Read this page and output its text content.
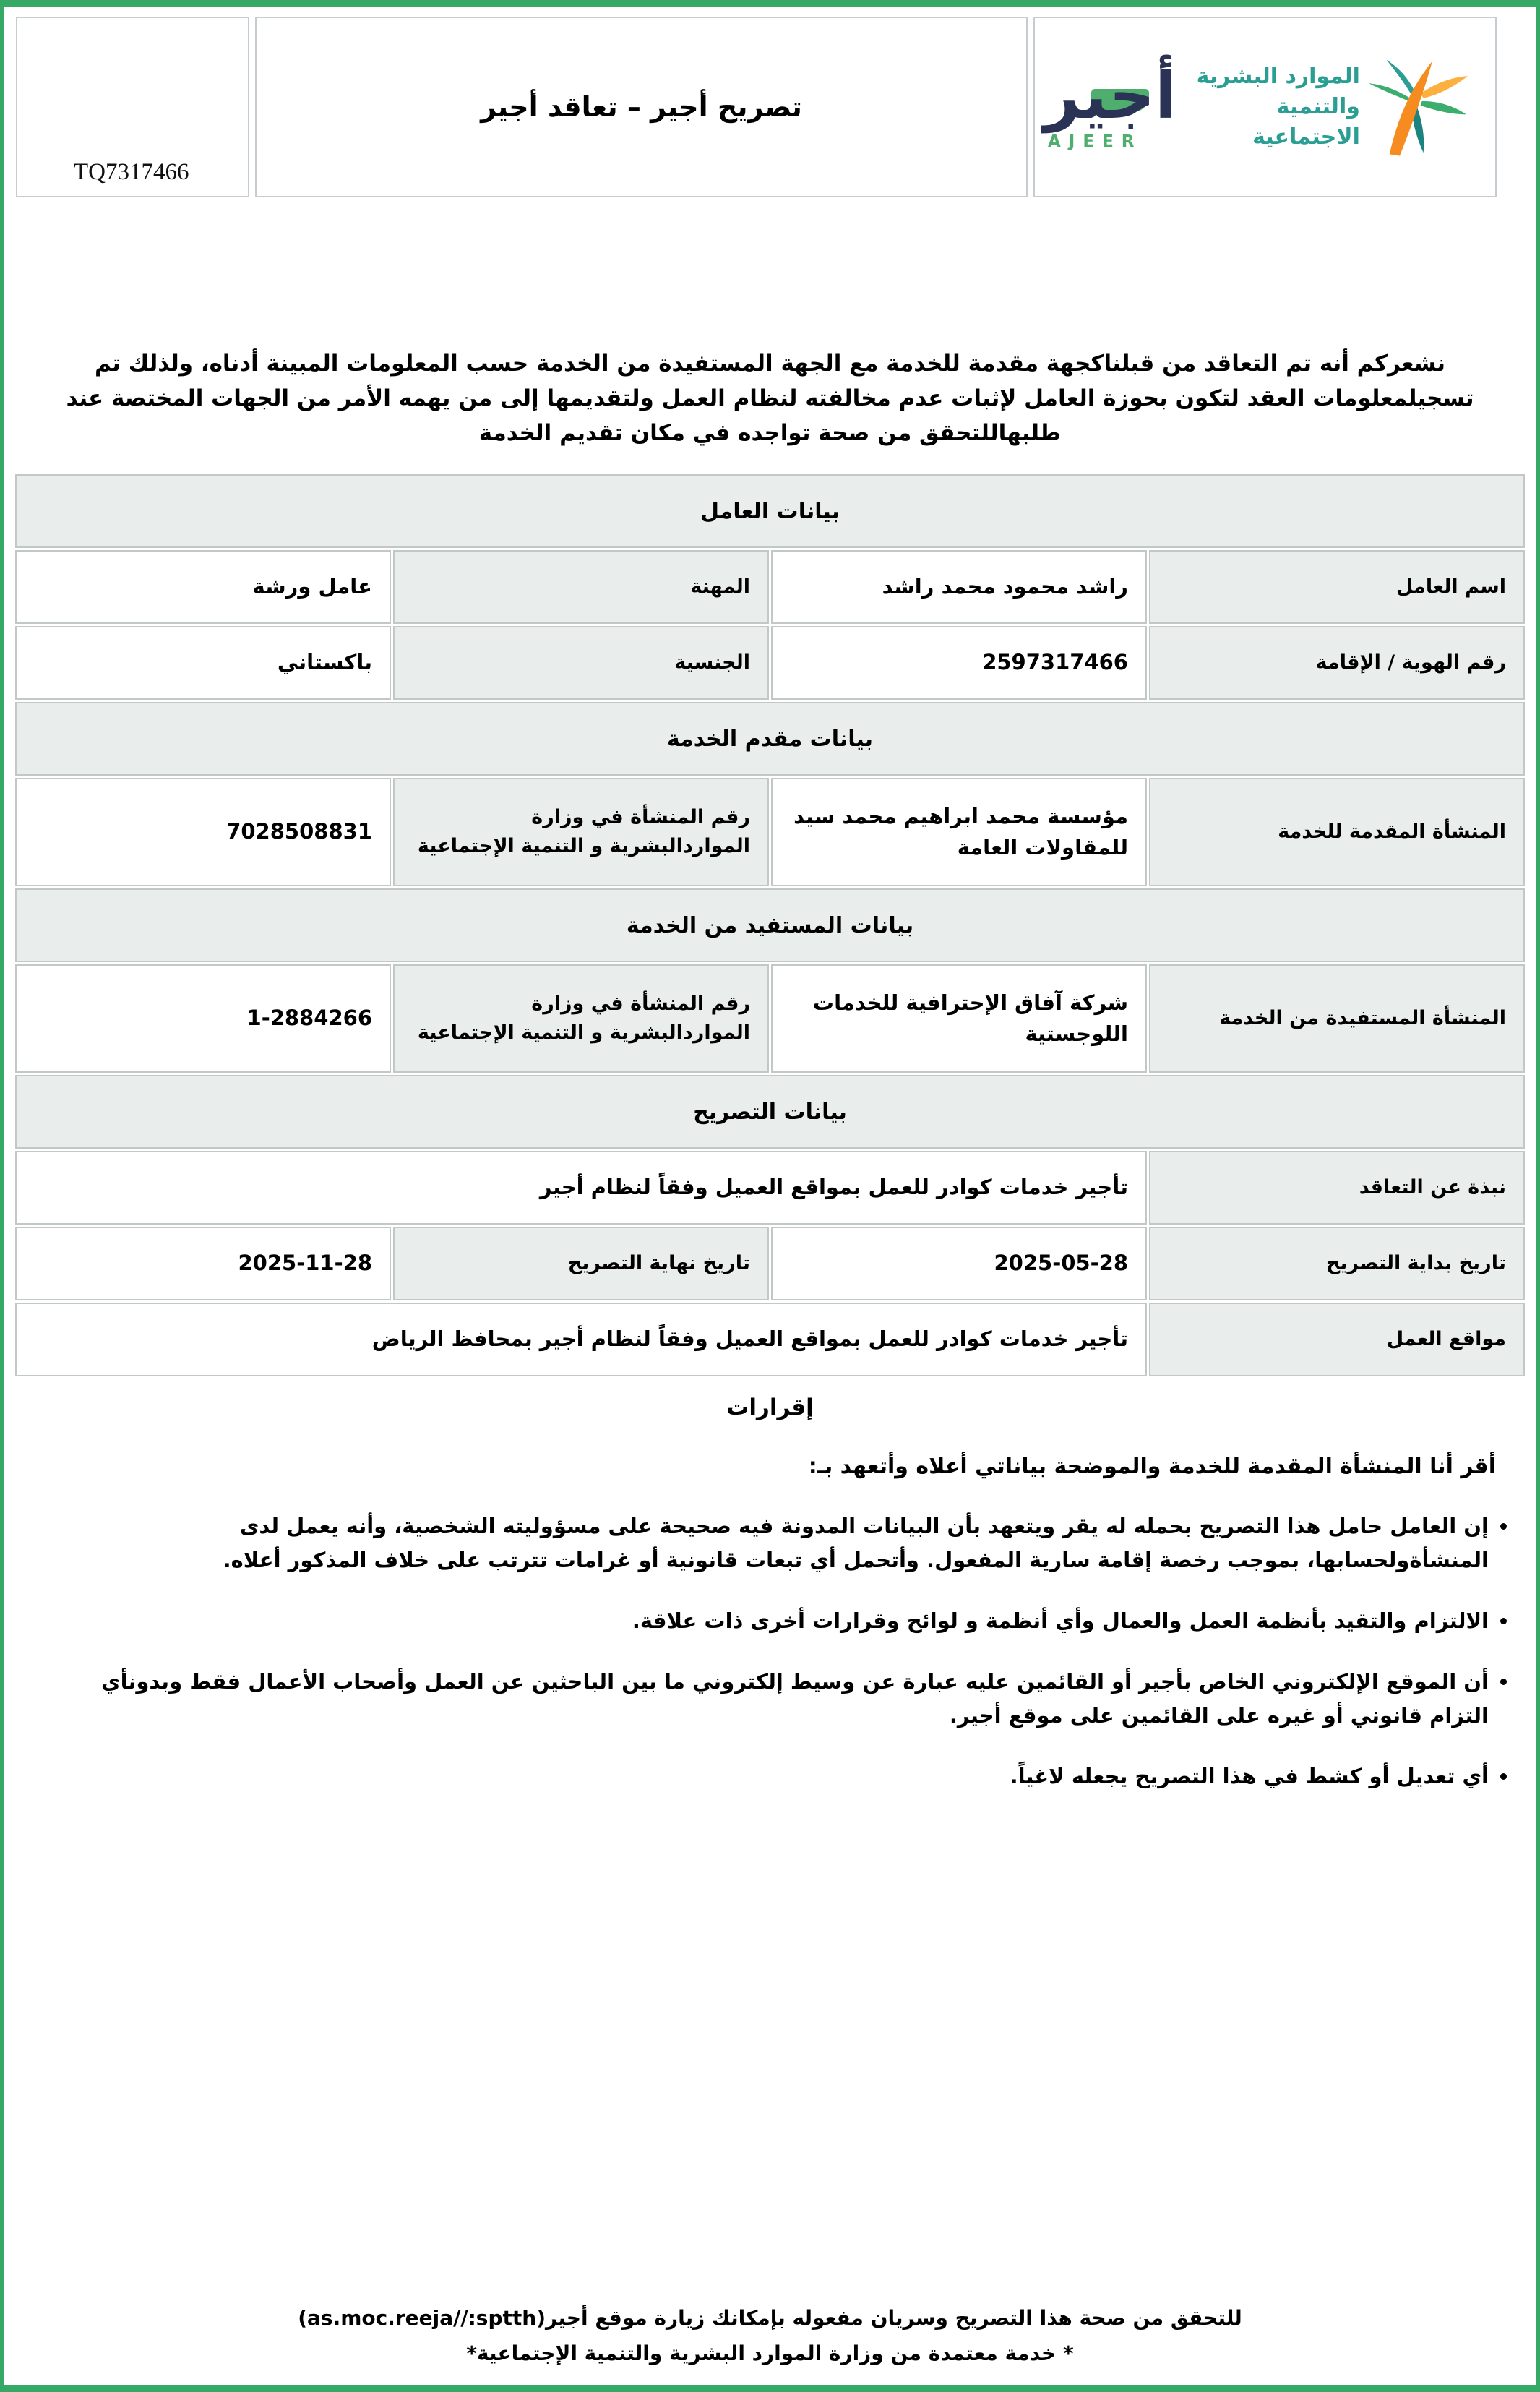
TQ7317466
تصريح أجير – تعاقد أجير	أجير
AJEER
الموارد البشرية
والتنمية الاجتماعية

نشعركم أنه تم التعاقد من قبلناكجهة مقدمة للخدمة مع الجهة المستفيدة من الخدمة حسب المعلومات المبينة أدناه، ولذلك تم تسجيلمعلومات العقد لتكون بحوزة العامل لإثبات عدم مخالفته لنظام العمل ولتقديمها إلى من يهمه الأمر من الجهات المختصة عند طلبهاللتحقق من صحة تواجده في مكان تقديم الخدمة

بيانات العامل			
اسم العامل	راشد محمود محمد راشد	المهنة	عامل ورشة
رقم الهوية / الإقامة	2597317466	الجنسية	باكستاني
بيانات مقدم الخدمة			
المنشأة المقدمة للخدمة	مؤسسة محمد ابراهيم محمد سيد للمقاولات العامة	رقم المنشأة في وزارة المواردالبشرية و التنمية الإجتماعية	7028508831
بيانات المستفيد من الخدمة			
المنشأة المستفيدة من الخدمة	شركة آفاق الإحترافية للخدمات اللوجستية	رقم المنشأة في وزارة المواردالبشرية و التنمية الإجتماعية	1-2884266
بيانات التصريح			
نبذة عن التعاقد	تأجير خدمات كوادر للعمل بمواقع العميل وفقاً لنظام أجير		
تاريخ بداية التصريح	2025-05-28	تاريخ نهاية التصريح	2025-11-28
مواقع العمل	تأجير خدمات كوادر للعمل بمواقع العميل وفقاً لنظام أجير بمحافظ الرياض		
إقرارات

أقر أنا المنشأة المقدمة للخدمة والموضحة بياناتي أعلاه وأتعهد بـ:

• إن العامل حامل هذا التصريح بحمله له يقر ويتعهد بأن البيانات المدونة فيه صحيحة على مسؤوليته الشخصية، وأنه يعمل لدى المنشأةولحسابها، بموجب رخصة إقامة سارية المفعول. وأتحمل أي تبعات قانونية أو غرامات تترتب على خلاف المذكور أعلاه.
• الالتزام والتقيد بأنظمة العمل والعمال وأي أنظمة و لوائح وقرارات أخرى ذات علاقة.
• أن الموقع الإلكتروني الخاص بأجير أو القائمين عليه عبارة عن وسيط إلكتروني ما بين الباحثين عن العمل وأصحاب الأعمال فقط وبدونأي التزام قانوني أو غيره على القائمين على موقع أجير.
• أي تعديل أو كشط في هذا التصريح يجعله لاغياً.

للتحقق من صحة هذا التصريح وسريان مفعوله بإمكانك زيارة موقع أجير(as.moc.reeja//:sptth)

* خدمة معتمدة من وزارة الموارد البشرية والتنمية الإجتماعية*
